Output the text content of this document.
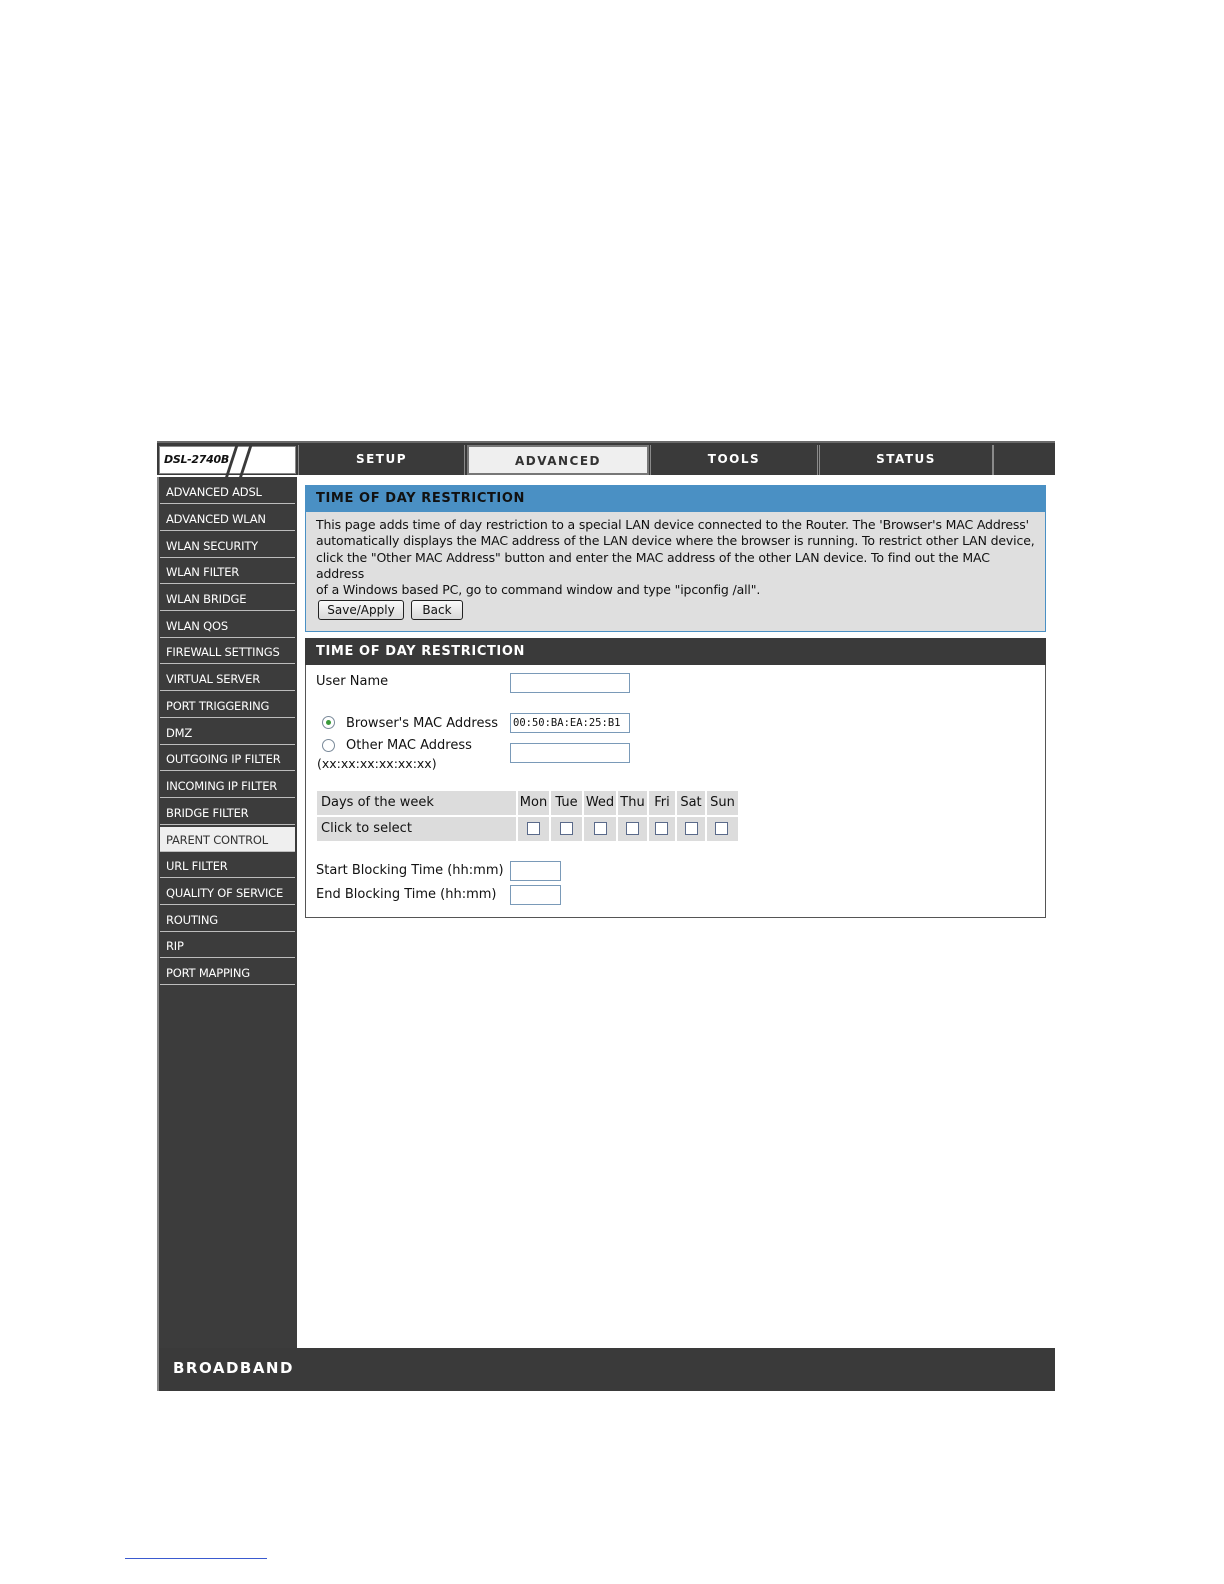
DSL-2740B	SETUP	ADVANCED	TOOLS	STATUS
ADVANCED ADSL
ADVANCED WLAN
WLAN SECURITY
WLAN FILTER
WLAN BRIDGE
WLAN QOS
FIREWALL SETTINGS
VIRTUAL SERVER
PORT TRIGGERING
DMZ
OUTGOING IP FILTER
INCOMING IP FILTER
BRIDGE FILTER
PARENT CONTROL
URL FILTER
QUALITY OF SERVICE
ROUTING
RIP
PORT MAPPING
TIME OF DAY RESTRICTION
This page adds time of day restriction to a special LAN device connected to the Router. The 'Browser's MAC Address'
automatically displays the MAC address of the LAN device where the browser is running. To restrict other LAN device,
click the "Other MAC Address" button and enter the MAC address of the other LAN device. To find out the MAC address
of a Windows based PC, go to command window and type "ipconfig /all".
Save/Apply	Back
TIME OF DAY RESTRICTION
User Name
Browser's MAC Address 00:50:BA:EA:25:B1
Other MAC Address
(xx:xx:xx:xx:xx:xx)
Days of the week	Mon Tue Wed Thu Fri Sat Sun
Click to select
Start Blocking Time (hh:mm)
End Blocking Time (hh:mm)
BROADBAND
